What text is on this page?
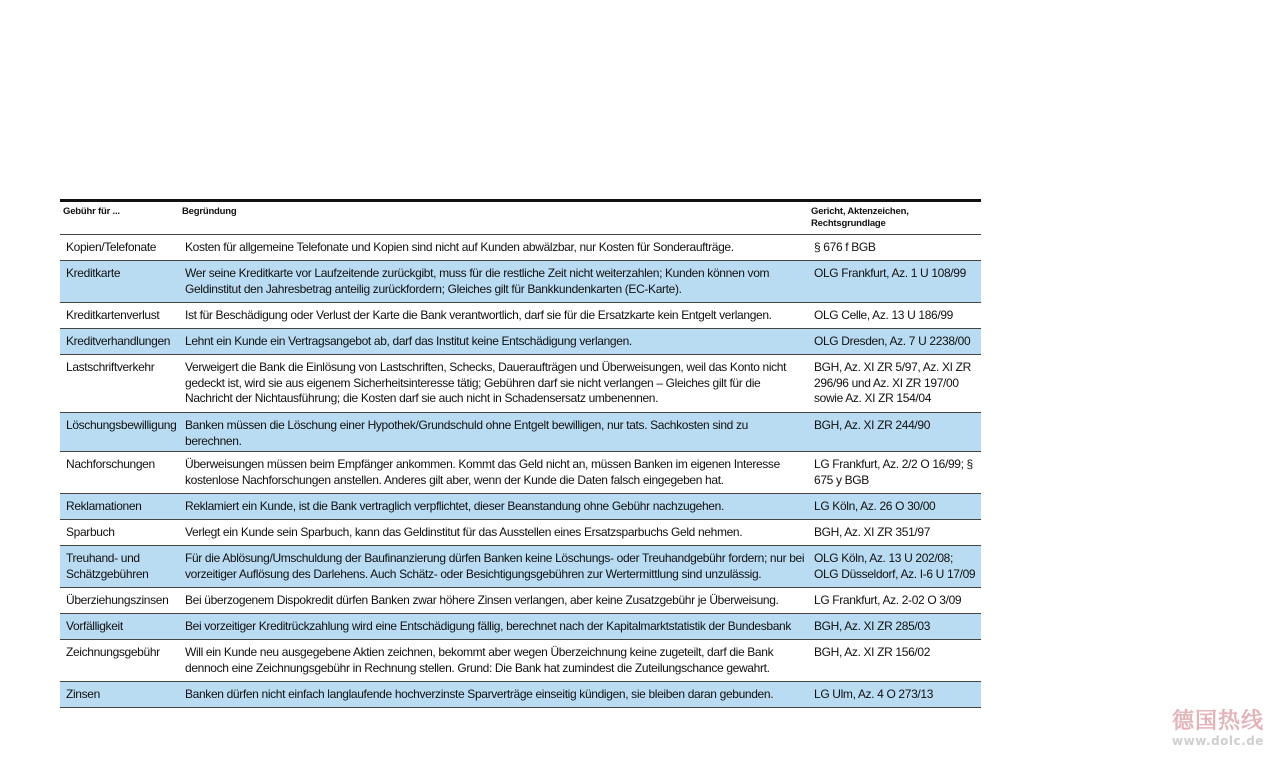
Gebühr für ...	Begründung	Gericht, Aktenzeichen, Rechtsgrundlage
Kopien/Telefonate	Kosten für allgemeine Telefonate und Kopien sind nicht auf Kunden abwälzbar, nur Kosten für Sonderaufträge.	§ 676 f BGB
Kreditkarte	Wer seine Kreditkarte vor Laufzeitende zurückgibt, muss für die restliche Zeit nicht weiterzahlen; Kunden können vom Geldinstitut den Jahresbetrag anteilig zurückfordern; Gleiches gilt für Bankkundenkarten (EC-Karte).	OLG Frankfurt, Az. 1 U 108/99
Kreditkartenverlust	Ist für Beschädigung oder Verlust der Karte die Bank verantwortlich, darf sie für die Ersatzkarte kein Entgelt verlangen.	OLG Celle, Az. 13 U 186/99
Kreditverhandlungen	Lehnt ein Kunde ein Vertragsangebot ab, darf das Institut keine Entschädigung verlangen.	OLG Dresden, Az. 7 U 2238/00
Lastschriftverkehr	Verweigert die Bank die Einlösung von Lastschriften, Schecks, Daueraufträgen und Überweisungen, weil das Konto nicht gedeckt ist, wird sie aus eigenem Sicherheitsinteresse tätig; Gebühren darf sie nicht verlangen – Gleiches gilt für die Nachricht der Nichtausführung; die Kosten darf sie auch nicht in Schadensersatz umbenennen.	BGH, Az. XI ZR 5/97, Az. XI ZR 296/96 und Az. XI ZR 197/00 sowie Az. XI ZR 154/04
Löschungsbewilligung	Banken müssen die Löschung einer Hypothek/Grundschuld ohne Entgelt bewilligen, nur tats. Sachkosten sind zu berechnen.	BGH, Az. XI ZR 244/90
Nachforschungen	Überweisungen müssen beim Empfänger ankommen. Kommt das Geld nicht an, müssen Banken im eigenen Interesse kostenlose Nachforschungen anstellen. Anderes gilt aber, wenn der Kunde die Daten falsch eingegeben hat.	LG Frankfurt, Az. 2/2 O 16/99; § 675 y BGB
Reklamationen	Reklamiert ein Kunde, ist die Bank vertraglich verpflichtet, dieser Beanstandung ohne Gebühr nachzugehen.	LG Köln, Az. 26 O 30/00
Sparbuch	Verlegt ein Kunde sein Sparbuch, kann das Geldinstitut für das Ausstellen eines Ersatzsparbuchs Geld nehmen.	BGH, Az. XI ZR 351/97
Treuhand- und Schätzgebühren	Für die Ablösung/Umschuldung der Baufinanzierung dürfen Banken keine Löschungs- oder Treuhandgebühr fordern; nur bei vorzeitiger Auflösung des Darlehens. Auch Schätz- oder Besichtigungsgebühren zur Wertermittlung sind unzulässig.	OLG Köln, Az. 13 U 202/08; OLG Düsseldorf, Az. I-6 U 17/09
Überziehungszinsen	Bei überzogenem Dispokredit dürfen Banken zwar höhere Zinsen verlangen, aber keine Zusatzgebühr je Überweisung.	LG Frankfurt, Az. 2-02 O 3/09
Vorfälligkeit	Bei vorzeitiger Kreditrückzahlung wird eine Entschädigung fällig, berechnet nach der Kapitalmarktstatistik der Bundesbank	BGH, Az. XI ZR 285/03
Zeichnungsgebühr	Will ein Kunde neu ausgegebene Aktien zeichnen, bekommt aber wegen Überzeichnung keine zugeteilt, darf die Bank dennoch eine Zeichnungsgebühr in Rechnung stellen. Grund: Die Bank hat zumindest die Zuteilungschance gewahrt.	BGH, Az. XI ZR 156/02
Zinsen	Banken dürfen nicht einfach langlaufende hochverzinste Sparverträge einseitig kündigen, sie bleiben daran gebunden.	LG Ulm, Az. 4 O 273/13
德国热线
www.dolc.de
